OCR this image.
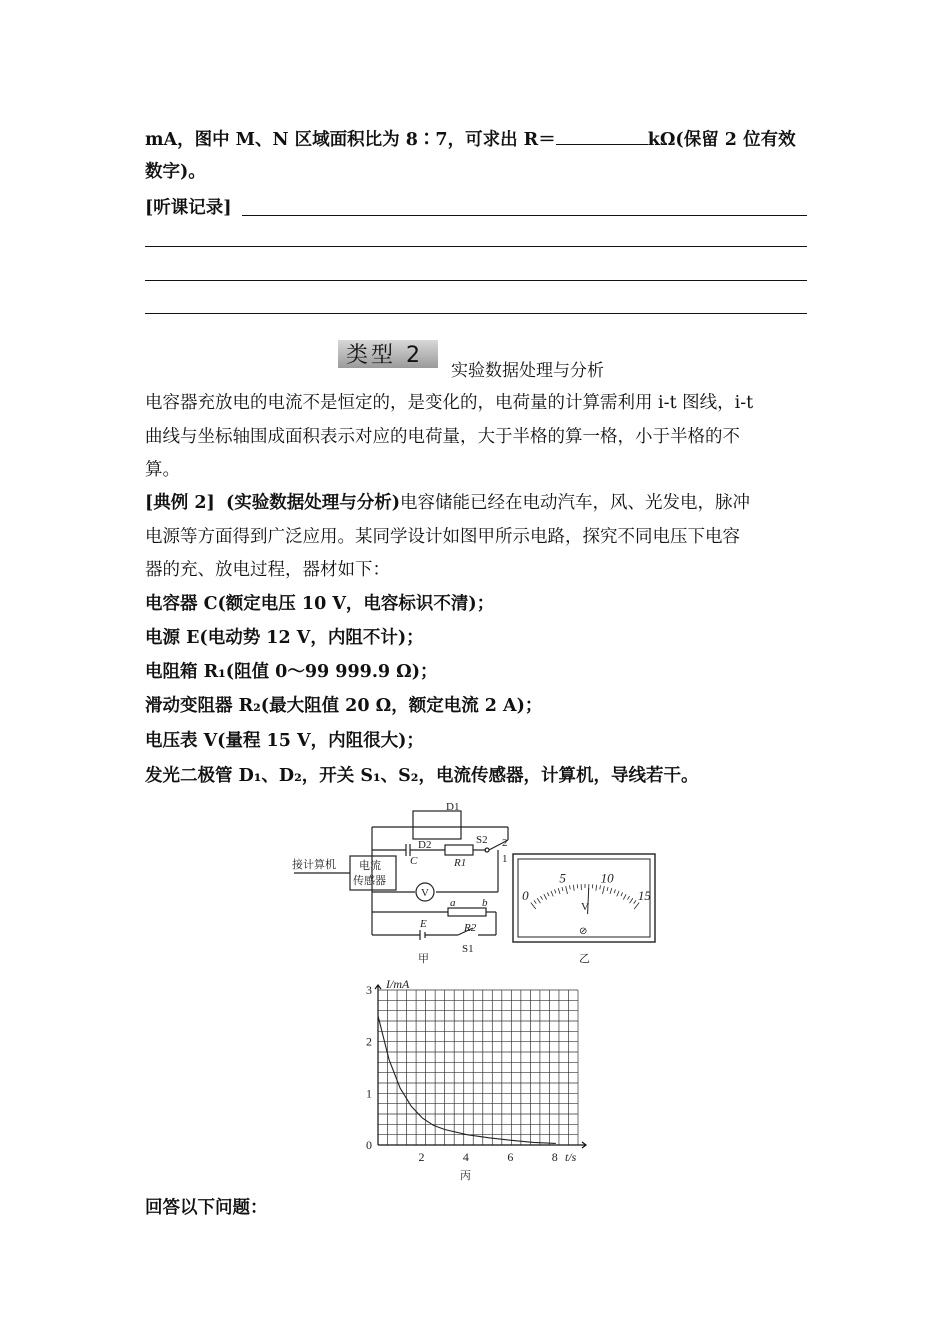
mA，图中 M、N 区域面积比为 8∶7，可求出 R＝	kΩ(保留 2 位有效
数字)。
[听课记录]
类型 2
实验数据处理与分析
电容器充放电的电流不是恒定的，是变化的，电荷量的计算需利用 i-t 图线，i-t
曲线与坐标轴围成面积表示对应的电荷量，大于半格的算一格，小于半格的不
算。
[典例 2] (实验数据处理与分析)电容储能已经在电动汽车，风、光发电，脉冲
电源等方面得到广泛应用。某同学设计如图甲所示电路，探究不同电压下电容
器的充、放电过程，器材如下：
电容器 C(额定电压 10 V，电容标识不清)；
电源 E(电动势 12 V，内阻不计)；
电阻箱 R₁(阻值 0～99 999.9 Ω)；
滑动变阻器 R₂(最大阻值 20 Ω，额定电流 2 A)；
电压表 V(量程 15 V，内阻很大)；
发光二极管 D₁、D₂，开关 S₁、S₂，电流传感器，计算机，导线若干。
接计算机 电流
传感器
D1
D2	S2
C	R1
2
1
V
a b
E	R2
S1
甲
0
5	10
15
V
⊘
乙
0
1
2
3
2	4	6	8
I/mA
t/s
丙
回答以下问题：
